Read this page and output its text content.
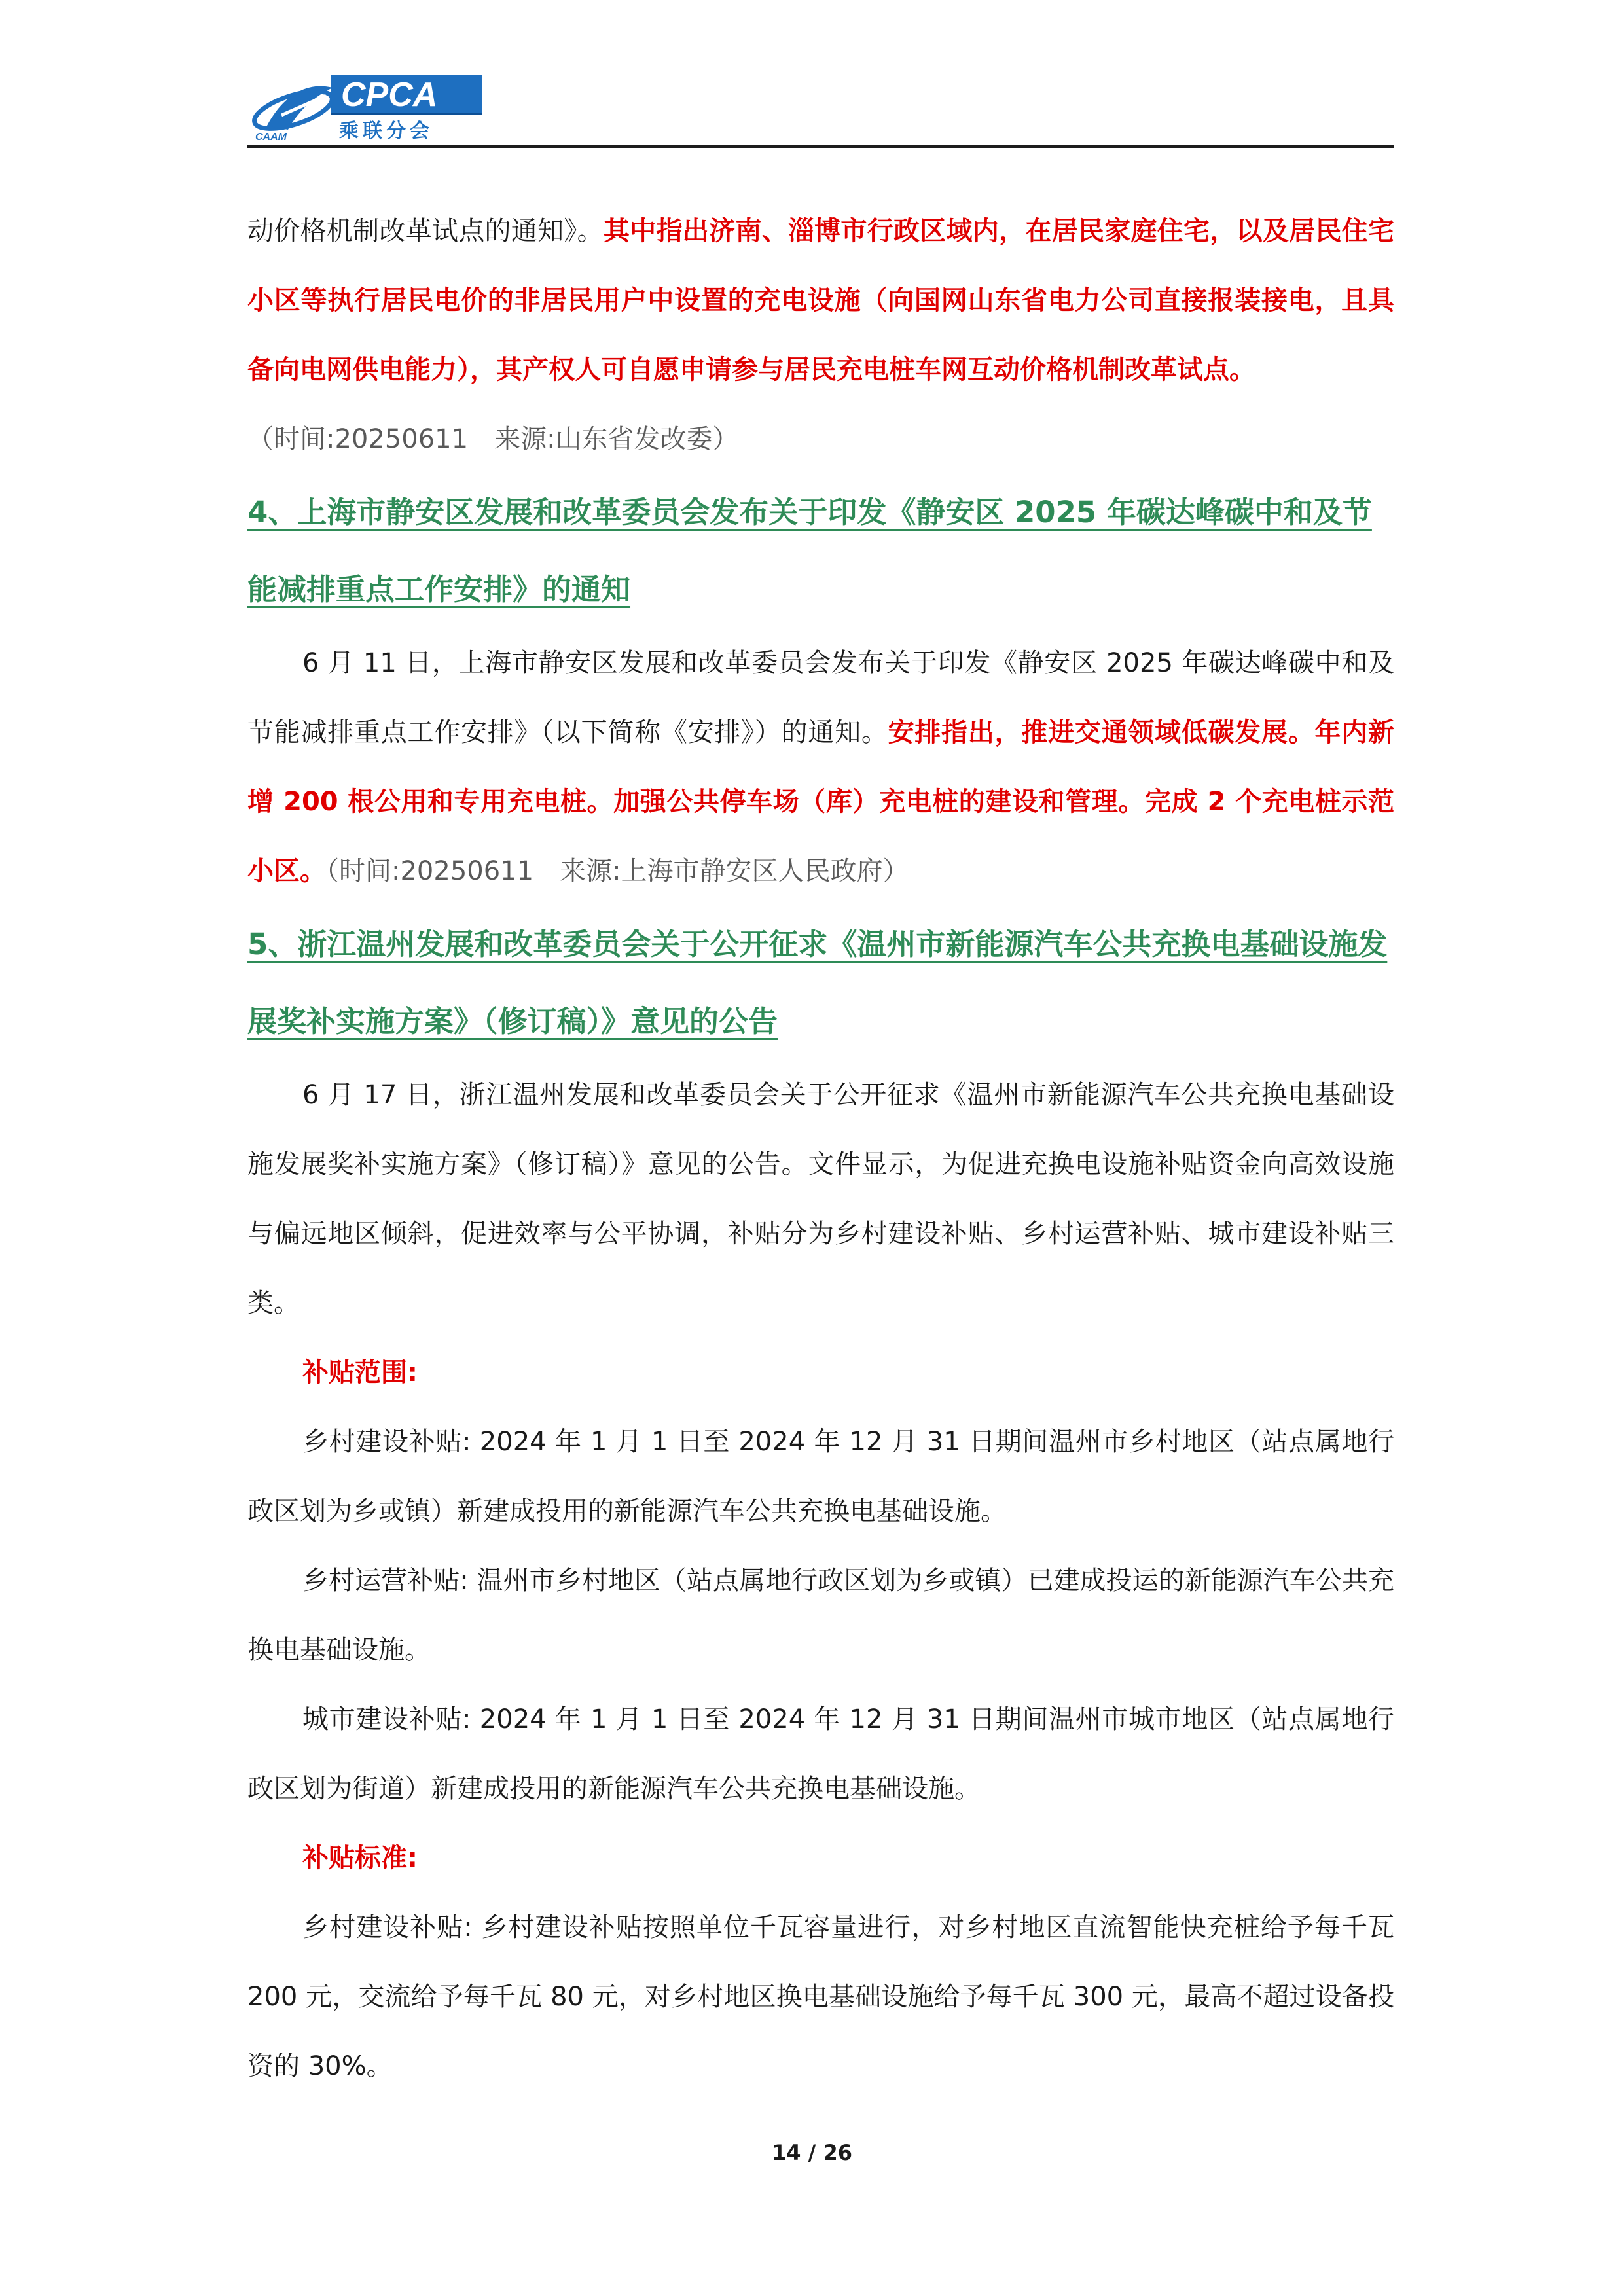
CAAM
CPCA
乘联分会

动价格机制改革试点的通知》。其中指出济南、淄博市行政区域内，在居民家庭住宅，以及居民住宅小区等执行居民电价的非居民用户中设置的充电设施（向国网山东省电力公司直接报装接电，且具备向电网供电能力），其产权人可自愿申请参与居民充电桩车网互动价格机制改革试点。

（时间:20250611　来源:山东省发改委）

4、上海市静安区发展和改革委员会发布关于印发《静安区 2025 年碳达峰碳中和及节能减排重点工作安排》的通知

6 月 11 日，上海市静安区发展和改革委员会发布关于印发《静安区 2025 年碳达峰碳中和及节能减排重点工作安排》（以下简称《安排》）的通知。安排指出，推进交通领域低碳发展。年内新增 200 根公用和专用充电桩。加强公共停车场（库）充电桩的建设和管理。完成 2 个充电桩示范小区。（时间:20250611　来源:上海市静安区人民政府）

5、浙江温州发展和改革委员会关于公开征求《温州市新能源汽车公共充换电基础设施发展奖补实施方案》（修订稿）》意见的公告

6 月 17 日，浙江温州发展和改革委员会关于公开征求《温州市新能源汽车公共充换电基础设施发展奖补实施方案》（修订稿）》意见的公告。文件显示，为促进充换电设施补贴资金向高效设施与偏远地区倾斜，促进效率与公平协调，补贴分为乡村建设补贴、乡村运营补贴、城市建设补贴三类。

补贴范围:

乡村建设补贴: 2024 年 1 月 1 日至 2024 年 12 月 31 日期间温州市乡村地区（站点属地行政区划为乡或镇）新建成投用的新能源汽车公共充换电基础设施。

乡村运营补贴: 温州市乡村地区（站点属地行政区划为乡或镇）已建成投运的新能源汽车公共充换电基础设施。

城市建设补贴: 2024 年 1 月 1 日至 2024 年 12 月 31 日期间温州市城市地区（站点属地行政区划为街道）新建成投用的新能源汽车公共充换电基础设施。

补贴标准:

乡村建设补贴: 乡村建设补贴按照单位千瓦容量进行，对乡村地区直流智能快充桩给予每千瓦 200 元，交流给予每千瓦 80 元，对乡村地区换电基础设施给予每千瓦 300 元，最高不超过设备投资的 30%。

14 / 26
